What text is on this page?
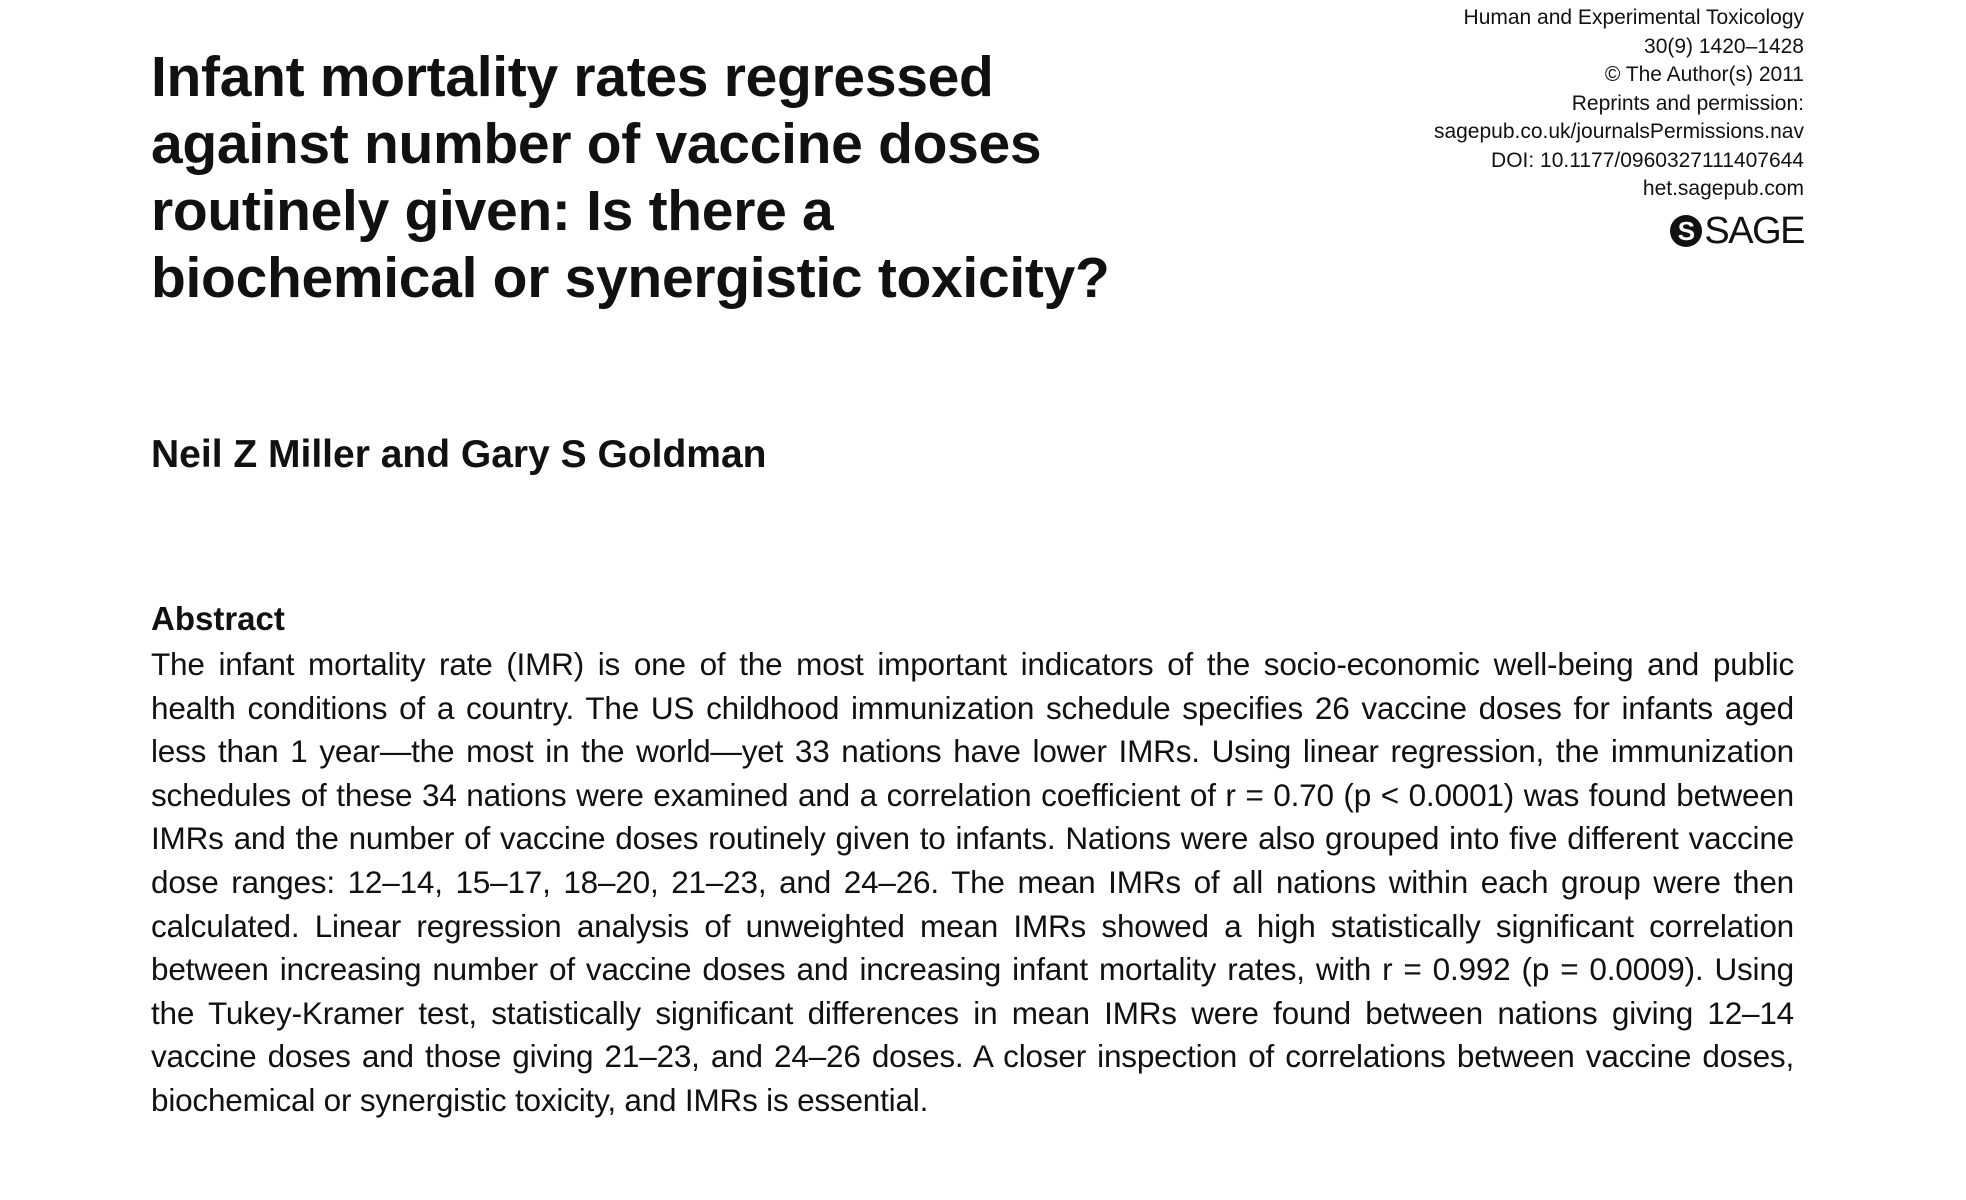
Human and Experimental Toxicology
30(9) 1420–1428
© The Author(s) 2011
Reprints and permission:
sagepub.co.uk/journalsPermissions.nav
DOI: 10.1177/0960327111407644
het.sagepub.com
S SAGE
Infant mortality rates regressed against number of vaccine doses routinely given: Is there a biochemical or synergistic toxicity?
Neil Z Miller and Gary S Goldman
Abstract

The infant mortality rate (IMR) is one of the most important indicators of the socio-economic well-being and public health conditions of a country. The US childhood immunization schedule specifies 26 vaccine doses for infants aged less than 1 year—the most in the world—yet 33 nations have lower IMRs. Using linear regression, the immunization schedules of these 34 nations were examined and a correlation coefficient of r = 0.70 (p < 0.0001) was found between IMRs and the number of vaccine doses routinely given to infants. Nations were also grouped into five different vaccine dose ranges: 12–14, 15–17, 18–20, 21–23, and 24–26. The mean IMRs of all nations within each group were then calculated. Linear regression analysis of unweighted mean IMRs showed a high statistically significant correlation between increasing number of vaccine doses and increasing infant mortality rates, with r = 0.992 (p = 0.0009). Using the Tukey-Kramer test, statistically significant differences in mean IMRs were found between nations giving 12–14 vaccine doses and those giving 21–23, and 24–26 doses. A closer inspection of correlations between vaccine doses, biochemical or synergistic toxicity, and IMRs is essential.
